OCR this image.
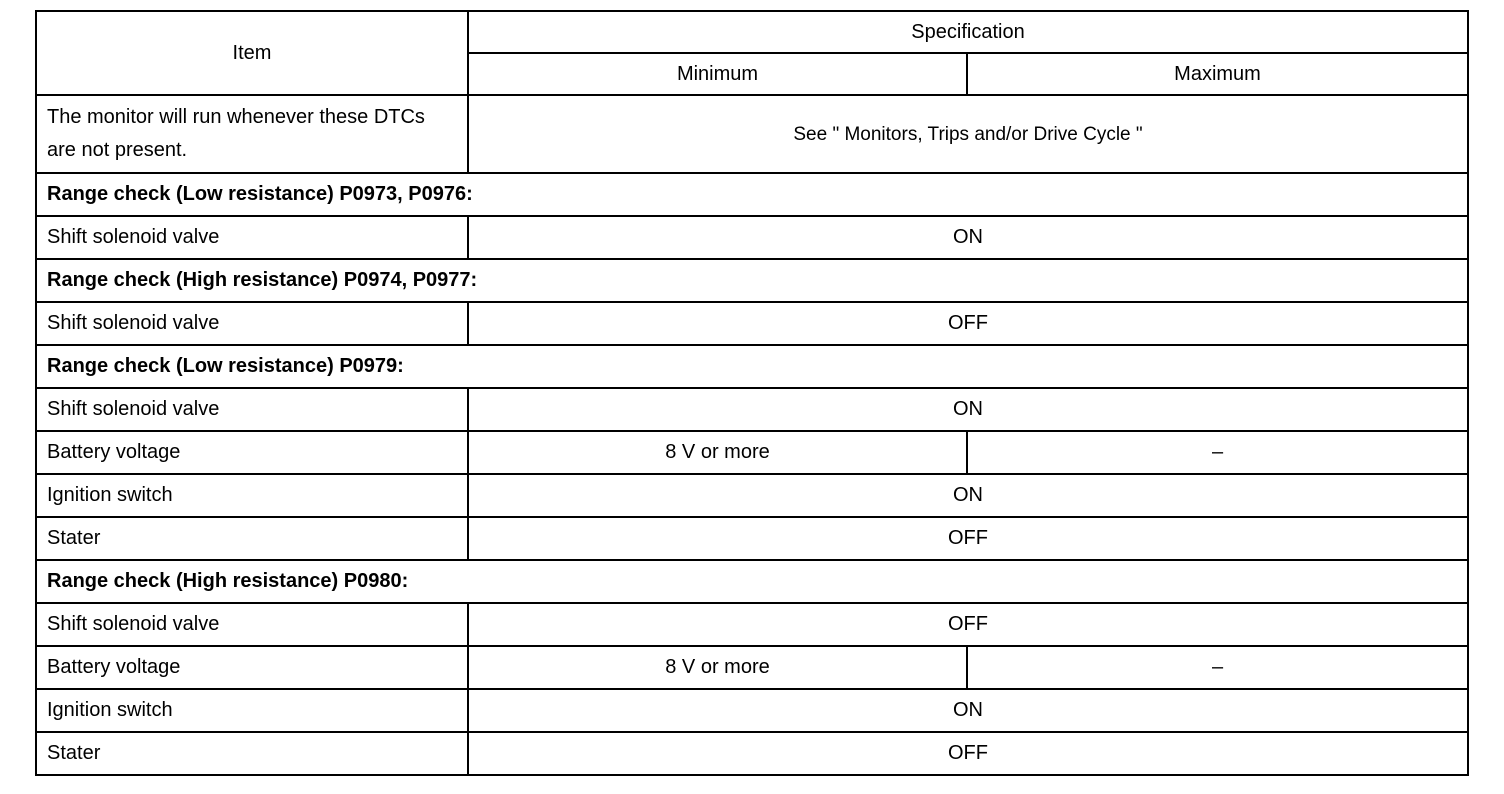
Item	Specification	
	Minimum	Maximum
The monitor will run whenever these DTCs are not present.	See " Monitors, Trips and/or Drive Cycle "	
Range check (Low resistance) P0973, P0976:		
Shift solenoid valve	ON	
Range check (High resistance) P0974, P0977:		
Shift solenoid valve	OFF	
Range check (Low resistance) P0979:		
Shift solenoid valve	ON	
Battery voltage	8 V or more	–
Ignition switch	ON	
Stater	OFF	
Range check (High resistance) P0980:		
Shift solenoid valve	OFF	
Battery voltage	8 V or more	–
Ignition switch	ON	
Stater	OFF	
